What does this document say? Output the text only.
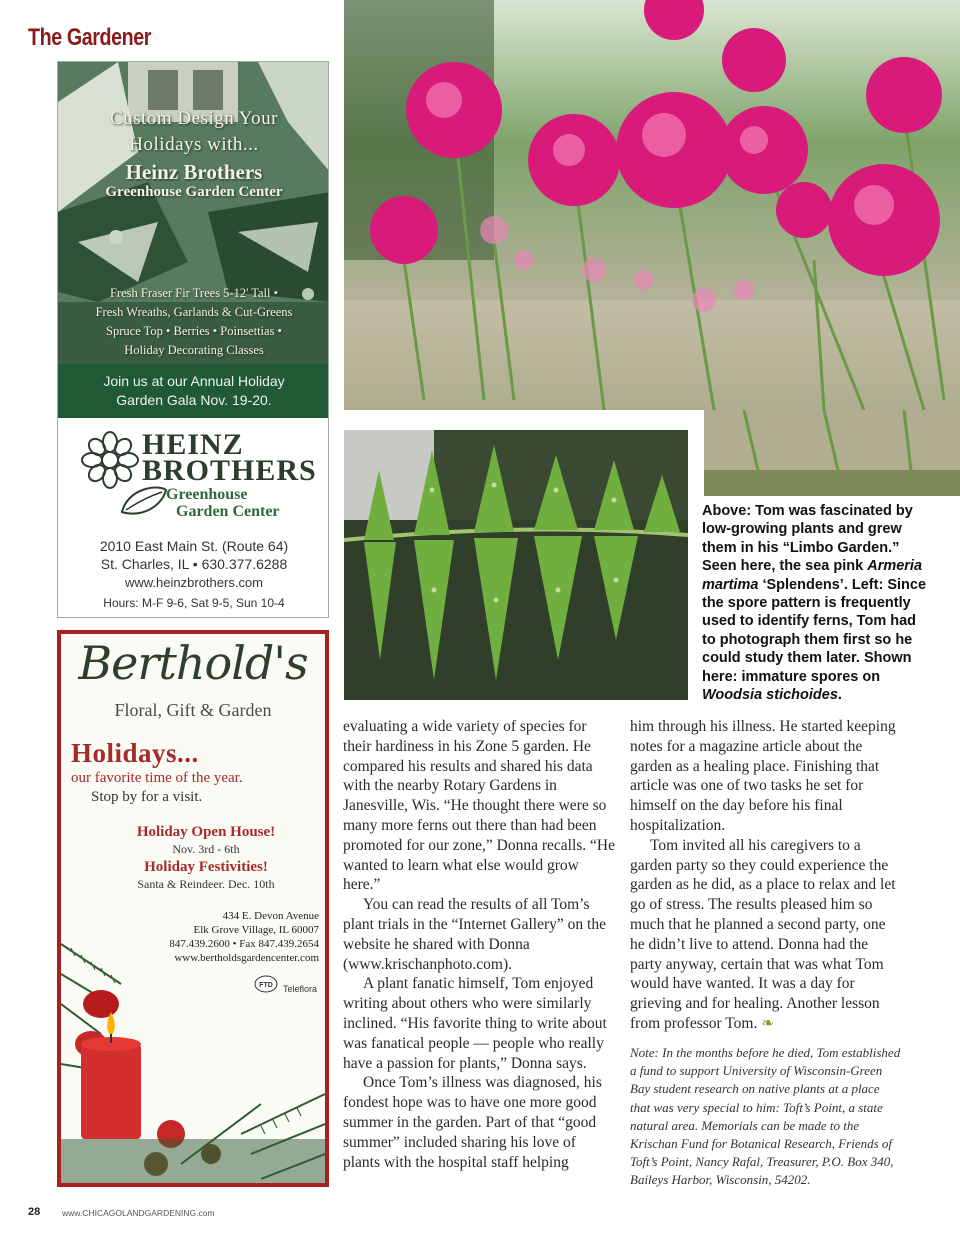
The Gardener
Custom Design Your
Holidays with...
Heinz Brothers
Greenhouse Garden Center
Fresh Fraser Fir Trees 5-12' Tall •
Fresh Wreaths, Garlands & Cut-Greens
Spruce Top • Berries • Poinsettias •
Holiday Decorating Classes
Join us at our Annual Holiday
Garden Gala Nov. 19-20.
HEINZ
BROTHERS
Greenhouse
Garden Center
2010 East Main St. (Route 64)
St. Charles, IL • 630.377.6288
www.heinzbrothers.com
Hours: M-F 9-6, Sat 9-5, Sun 10-4
Berthold's
Floral, Gift & Garden
Holidays...
our favorite time of the year.
Stop by for a visit.
Holiday Open House!
Nov. 3rd - 6th
Holiday Festivities!
Santa & Reindeer. Dec. 10th
434 E. Devon Avenue
Elk Grove Village, IL 60007
847.439.2600 • Fax 847.439.2654
www.bertholdsgardencenter.com
FTD Teleflora
Above: Tom was fascinated by low-growing plants and grew them in his “Limbo Garden.” Seen here, the sea pink Armeria martima ‘Splendens’. Left: Since the spore pattern is frequently used to identify ferns, Tom had to photograph them first so he could study them later. Shown here: immature spores on Woodsia stichoides.

evaluating a wide variety of species for their hardiness in his Zone 5 garden. He compared his results and shared his data with the nearby Rotary Gardens in Janesville, Wis. “He thought there were so many more ferns out there than had been promoted for our zone,” Donna recalls. “He wanted to learn what else would grow here.”

You can read the results of all Tom’s plant trials in the “Internet Gallery” on the website he shared with Donna (www.krischanphoto.com).

A plant fanatic himself, Tom enjoyed writing about others who were similarly inclined. “His favorite thing to write about was fanatical people — people who really have a passion for plants,” Donna says.

Once Tom’s illness was diagnosed, his fondest hope was to have one more good summer in the garden. Part of that “good summer” included sharing his love of plants with the hospital staff helping

him through his illness. He started keeping notes for a magazine article about the garden as a healing place. Finishing that article was one of two tasks he set for himself on the day before his final hospitalization.

Tom invited all his caregivers to a garden party so they could experience the garden as he did, as a place to relax and let go of stress. The results pleased him so much that he planned a second party, one he didn’t live to attend. Donna had the party anyway, certain that was what Tom would have wanted. It was a day for grieving and for healing. Another lesson from professor Tom. ❧

Note: In the months before he died, Tom established a fund to support University of Wisconsin-Green Bay student research on native plants at a place that was very special to him: Toft’s Point, a state natural area. Memorials can be made to the Krischan Fund for Botanical Research, Friends of Toft’s Point, Nancy Rafal, Treasurer, P.O. Box 340, Baileys Harbor, Wisconsin, 54202.
28	www.CHICAGOLANDGARDENING.com
